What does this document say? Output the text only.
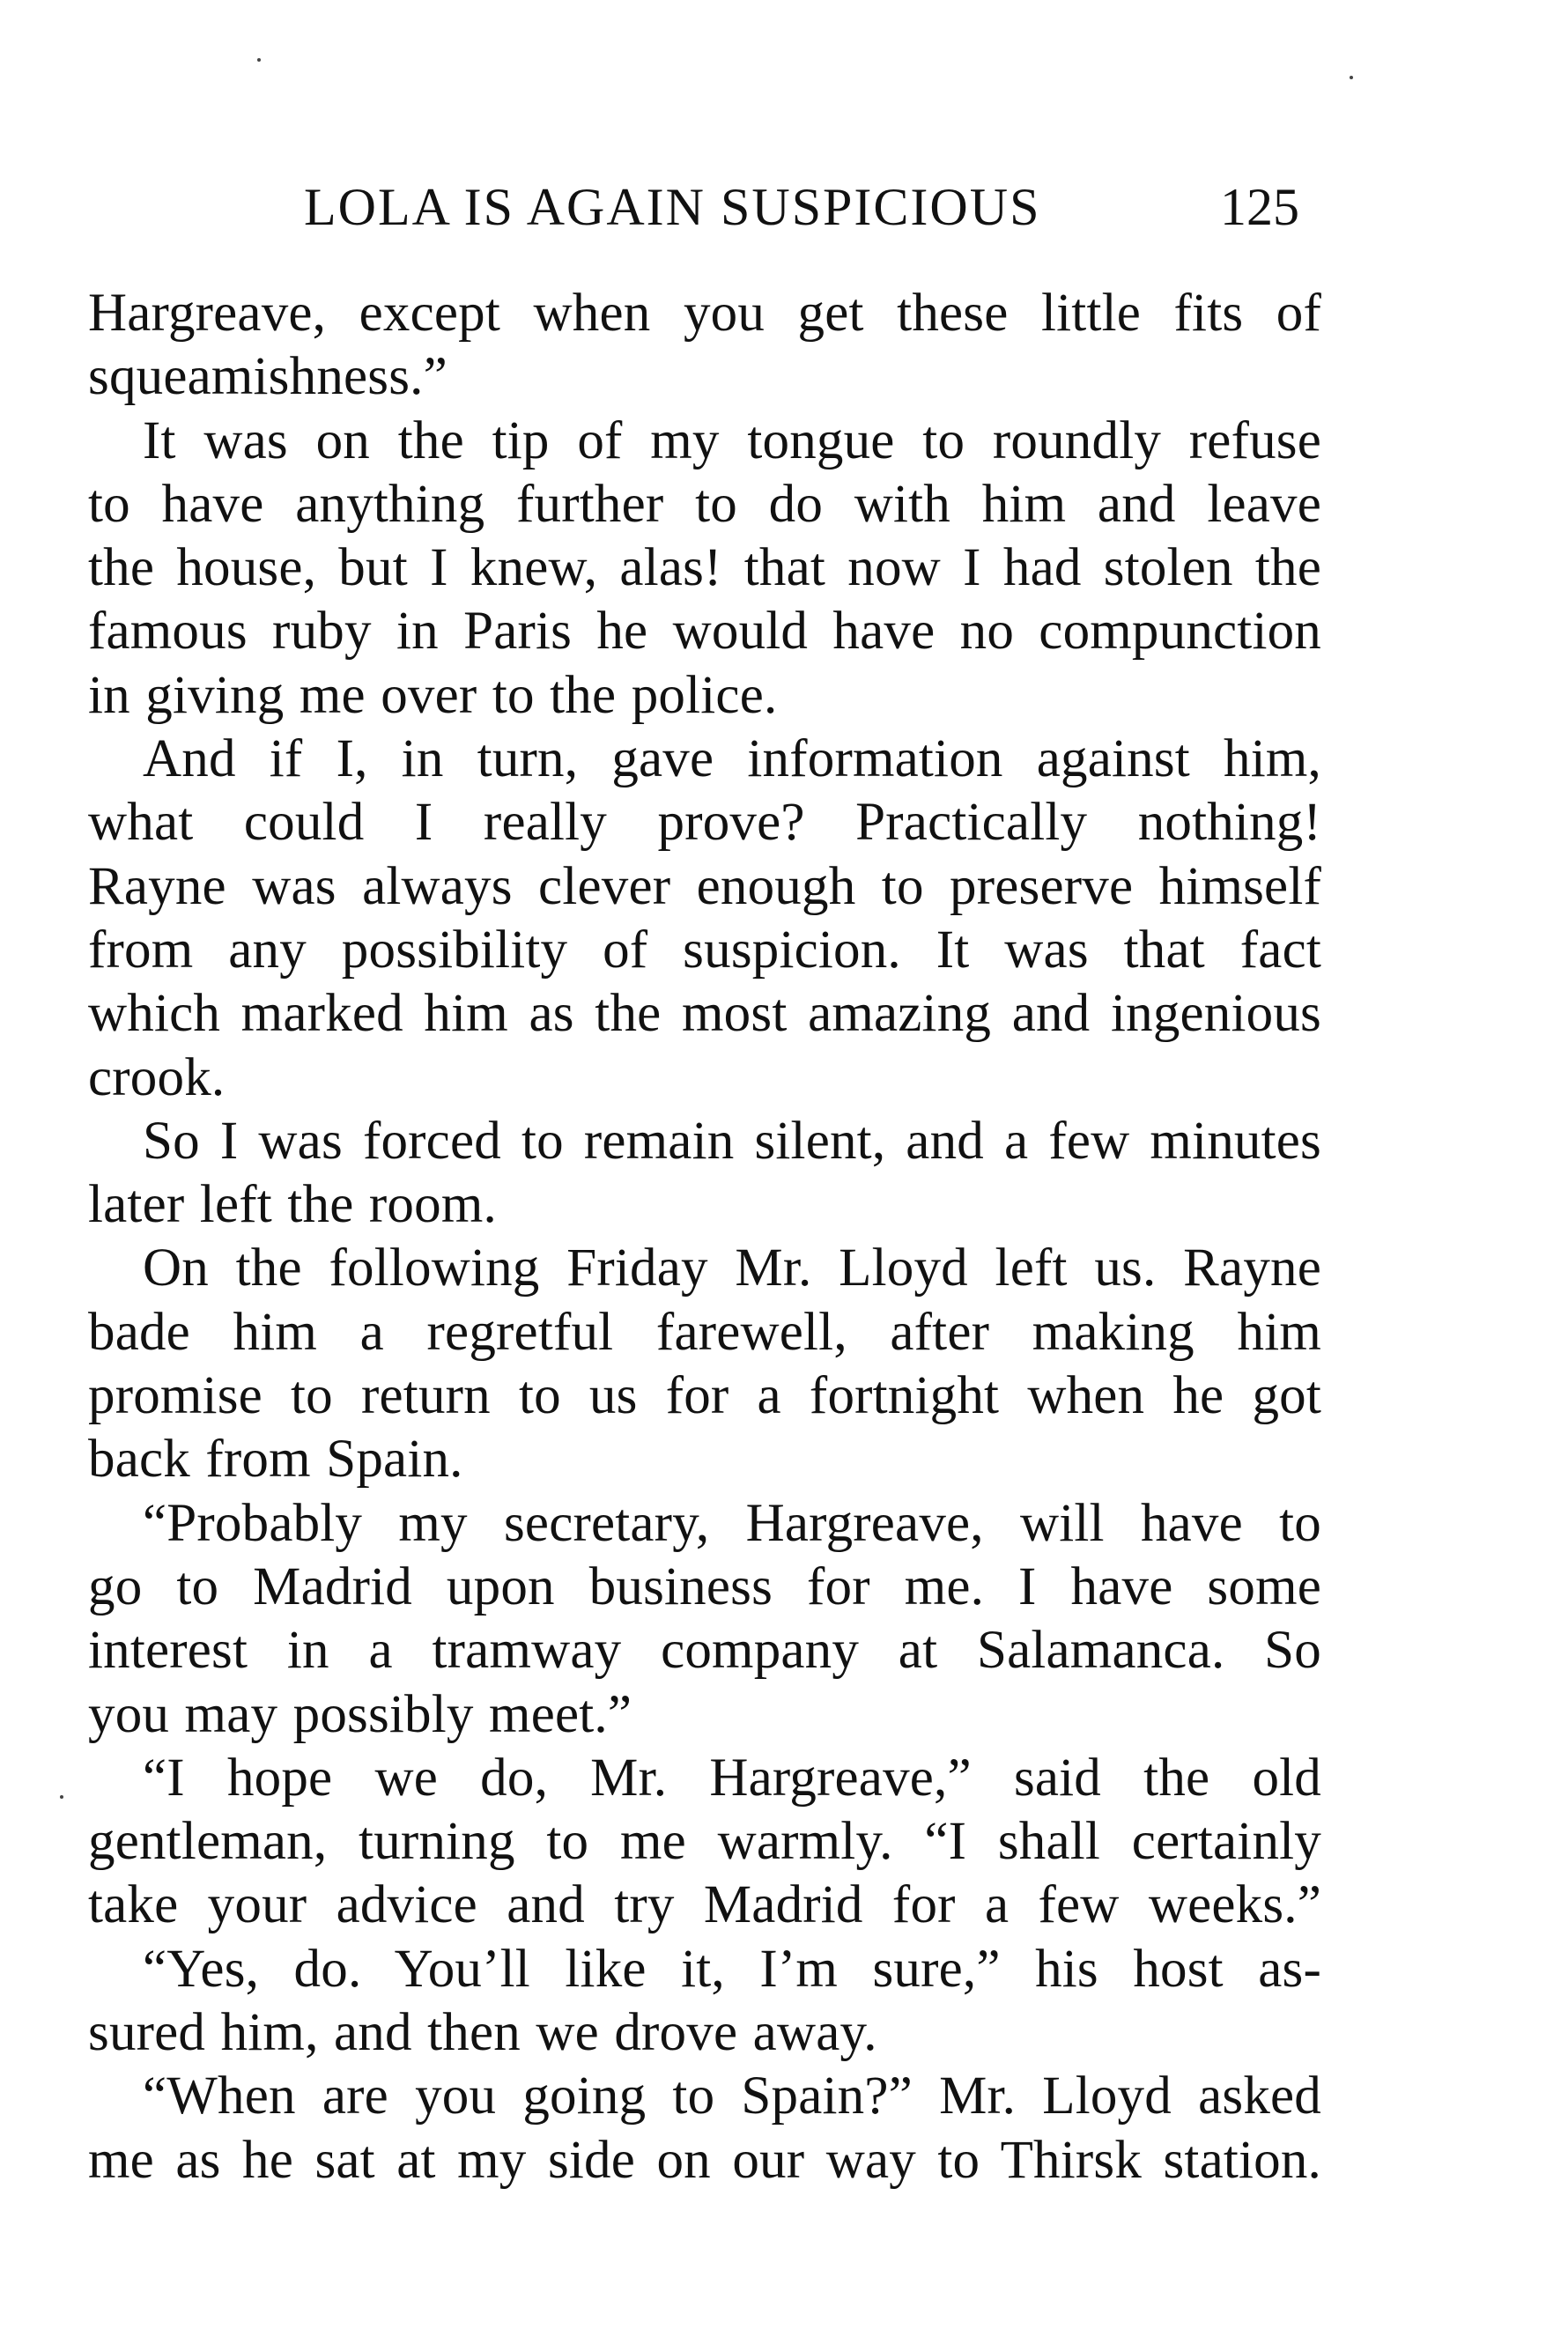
LOLA IS AGAIN SUSPICIOUS	125
Hargreave, except when you get these little fits of
squeamishness.”
It was on the tip of my tongue to roundly refuse
to have anything further to do with him and leave
the house, but I knew, alas! that now I had stolen the
famous ruby in Paris he would have no compunction
in giving me over to the police.
And if I, in turn, gave information against him,
what could I really prove? Practically nothing!
Rayne was always clever enough to preserve himself
from any possibility of suspicion. It was that fact
which marked him as the most amazing and ingenious
crook.
So I was forced to remain silent, and a few minutes
later left the room.
On the following Friday Mr. Lloyd left us. Rayne
bade him a regretful farewell, after making him
promise to return to us for a fortnight when he got
back from Spain.
“Probably my secretary, Hargreave, will have to
go to Madrid upon business for me. I have some
interest in a tramway company at Salamanca. So
you may possibly meet.”
“I hope we do, Mr. Hargreave,” said the old
gentleman, turning to me warmly. “I shall certainly
take your advice and try Madrid for a few weeks.”
“Yes, do. You’ll like it, I’m sure,” his host as-
sured him, and then we drove away.
“When are you going to Spain?” Mr. Lloyd asked
me as he sat at my side on our way to Thirsk station.
